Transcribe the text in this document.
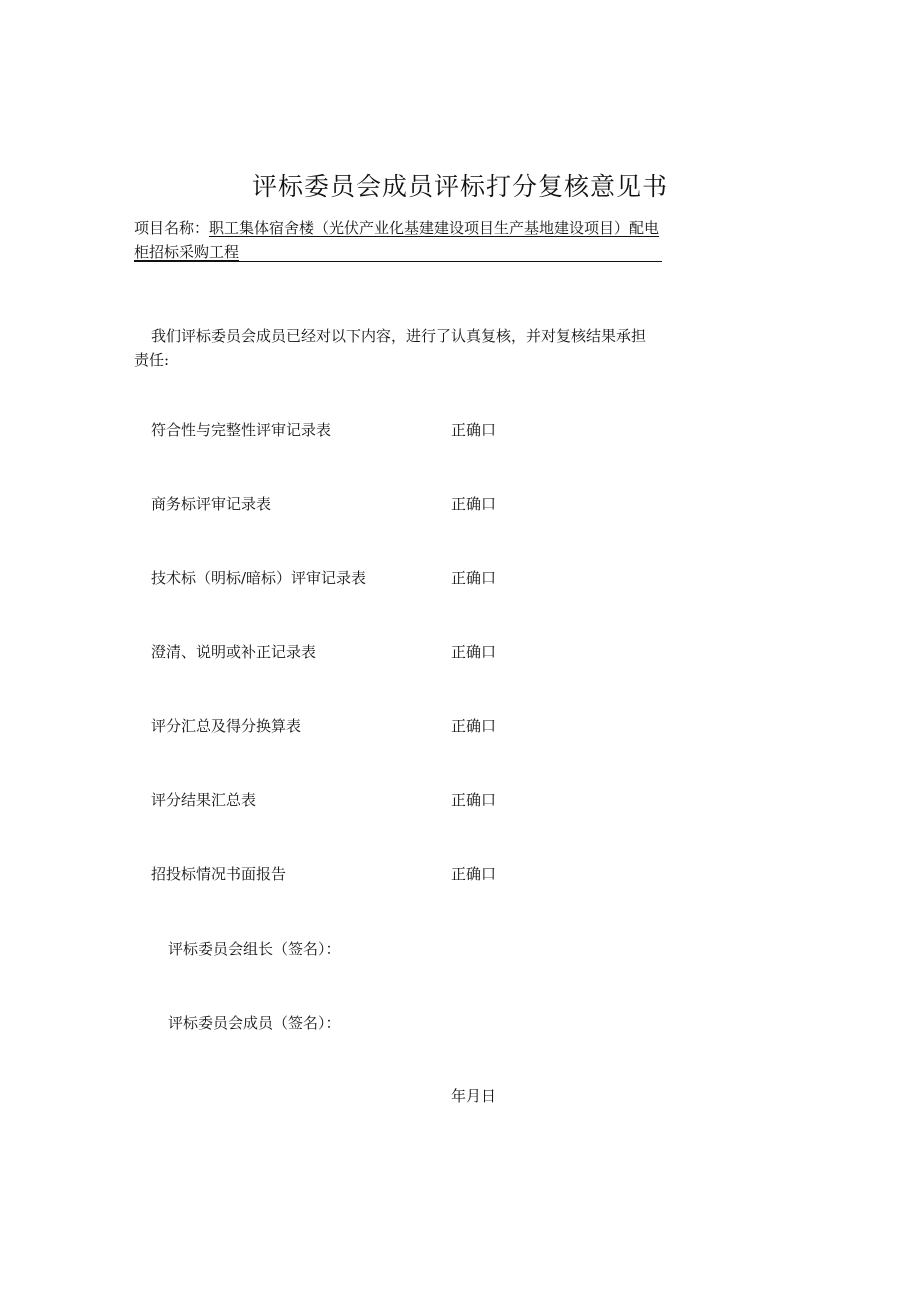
评标委员会成员评标打分复核意见书
项目名称：职工集体宿舍楼（光伏产业化基建建设项目生产基地建设项目）配电柜招标采购工程

我们评标委员会成员已经对以下内容，进行了认真复核，并对复核结果承担责任:

符合性与完整性评审记录表	正确口
商务标评审记录表	正确口
技术标（明标/暗标）评审记录表	正确口
澄清、说明或补正记录表	正确口
评分汇总及得分换算表	正确口
评分结果汇总表	正确口
招投标情况书面报告	正确口
评标委员会组长（签名）：
评标委员会成员（签名）：
年月日
